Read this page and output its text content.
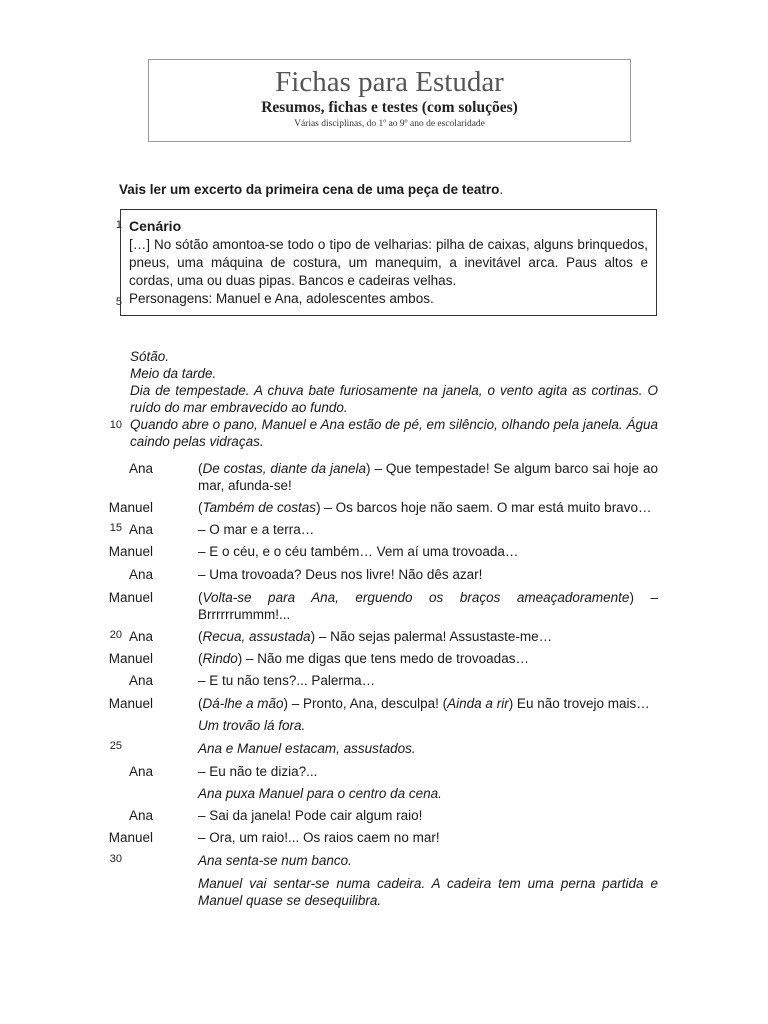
Fichas para Estudar
Resumos, fichas e testes (com soluções)
Várias disciplinas, do 1º ao 9º ano de escolaridade
Vais ler um excerto da primeira cena de uma peça de teatro.
1
5
10
15
20
25
30
Cenário
[…] No sótão amontoa-se todo o tipo de velharias: pilha de caixas, alguns brinquedos, pneus, uma máquina de costura, um manequim, a inevitável arca. Paus altos e cordas, uma ou duas pipas. Bancos e cadeiras velhas.
Personagens: Manuel e Ana, adolescentes ambos.
Sótão.
Meio da tarde.
Dia de tempestade. A chuva bate furiosamente na janela, o vento agita as cortinas. O ruído do mar embravecido ao fundo.
Quando abre o pano, Manuel e Ana estão de pé, em silêncio, olhando pela janela. Água caindo pelas vidraças.
Ana	(De costas, diante da janela) – Que tempestade! Se algum barco sai hoje ao mar, afunda-se!
Manuel	(Também de costas) – Os barcos hoje não saem. O mar está muito bravo…
Ana	– O mar e a terra…
Manuel	– E o céu, e o céu também… Vem aí uma trovoada…
Ana	– Uma trovoada? Deus nos livre! Não dês azar!
Manuel	(Volta-se para Ana, erguendo os braços ameaçadoramente) – Brrrrrrummm!...
Ana	(Recua, assustada) – Não sejas palerma! Assustaste-me…
Manuel	(Rindo) – Não me digas que tens medo de trovoadas…
Ana	– E tu não tens?... Palerma…
Manuel	(Dá-lhe a mão) – Pronto, Ana, desculpa! (Ainda a rir) Eu não trovejo mais…
Um trovão lá fora.
Ana e Manuel estacam, assustados.
Ana	– Eu não te dizia?...
Ana puxa Manuel para o centro da cena.
Ana	– Sai da janela! Pode cair algum raio!
Manuel	– Ora, um raio!... Os raios caem no mar!
Ana senta-se num banco.
Manuel vai sentar-se numa cadeira. A cadeira tem uma perna partida e Manuel quase se desequilibra.
